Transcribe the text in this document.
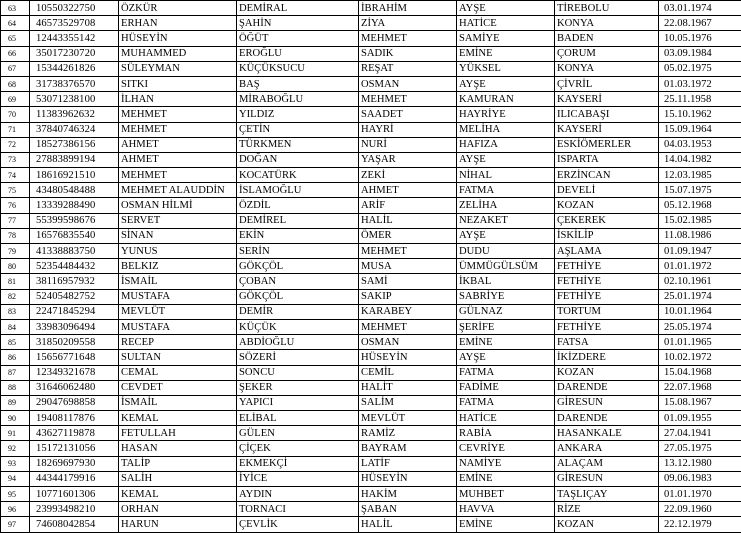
63	10550322750	ÖZKÜR	DEMİRAL	İBRAHİM	AYŞE	TİREBOLU	03.01.1974
64	46573529708	ERHAN	ŞAHİN	ZİYA	HATİCE	KONYA	22.08.1967
65	12443355142	HÜSEYİN	ÖĞÜT	MEHMET	SAMİYE	BADEN	10.05.1976
66	35017230720	MUHAMMED	EROĞLU	SADIK	EMİNE	ÇORUM	03.09.1984
67	15344261826	SÜLEYMAN	KÜÇÜKSUCU	REŞAT	YÜKSEL	KONYA	05.02.1975
68	31738376570	SITKI	BAŞ	OSMAN	AYŞE	ÇİVRİL	01.03.1972
69	53071238100	İLHAN	MİRABOĞLU	MEHMET	KAMURAN	KAYSERİ	25.11.1958
70	11383962632	MEHMET	YILDIZ	SAADET	HAYRİYE	ILICABAŞI	15.10.1962
71	37840746324	MEHMET	ÇETİN	HAYRİ	MELİHA	KAYSERİ	15.09.1964
72	18527386156	AHMET	TÜRKMEN	NURİ	HAFIZA	ESKİÖMERLER	04.03.1953
73	27883899194	AHMET	DOĞAN	YAŞAR	AYŞE	ISPARTA	14.04.1982
74	18616921510	MEHMET	KOCATÜRK	ZEKİ	NİHAL	ERZİNCAN	12.03.1985
75	43480548488	MEHMET ALAUDDİN	İSLAMOĞLU	AHMET	FATMA	DEVELİ	15.07.1975
76	13339288490	OSMAN HİLMİ	ÖZDİL	ARİF	ZELİHA	KOZAN	05.12.1968
77	55399598676	SERVET	DEMİREL	HALİL	NEZAKET	ÇEKEREK	15.02.1985
78	16576835540	SİNAN	EKİN	ÖMER	AYŞE	İSKİLİP	11.08.1986
79	41338883750	YUNUS	SERİN	MEHMET	DUDU	AŞLAMA	01.09.1947
80	52354484432	BELKIZ	GÖKÇÖL	MUSA	ÜMMÜGÜLSÜM	FETHİYE	01.01.1972
81	38116957932	İSMAİL	ÇOBAN	SAMİ	İKBAL	FETHİYE	02.10.1961
82	52405482752	MUSTAFA	GÖKÇÖL	SAKIP	SABRİYE	FETHİYE	25.01.1974
83	22471845294	MEVLÜT	DEMİR	KARABEY	GÜLNAZ	TORTUM	10.01.1964
84	33983096494	MUSTAFA	KÜÇÜK	MEHMET	ŞERİFE	FETHİYE	25.05.1974
85	31850209558	RECEP	ABDİOĞLU	OSMAN	EMİNE	FATSA	01.01.1965
86	15656771648	SULTAN	SÖZERİ	HÜSEYİN	AYŞE	İKİZDERE	10.02.1972
87	12349321678	CEMAL	SONCU	CEMİL	FATMA	KOZAN	15.04.1968
88	31646062480	CEVDET	ŞEKER	HALİT	FADİME	DARENDE	22.07.1968
89	29047698858	İSMAİL	YAPICI	SALİM	FATMA	GİRESUN	15.08.1967
90	19408117876	KEMAL	ELİBAL	MEVLÜT	HATİCE	DARENDE	01.09.1955
91	43627119878	FETULLAH	GÜLEN	RAMİZ	RABİA	HASANKALE	27.04.1941
92	15172131056	HASAN	ÇİÇEK	BAYRAM	CEVRİYE	ANKARA	27.05.1975
93	18269697930	TALİP	EKMEKÇİ	LATİF	NAMİYE	ALAÇAM	13.12.1980
94	44344179916	SALİH	İYİCE	HÜSEYİN	EMİNE	GİRESUN	09.06.1983
95	10771601306	KEMAL	AYDIN	HAKİM	MUHBET	TAŞLIÇAY	01.01.1970
96	23993498210	ORHAN	TORNACI	ŞABAN	HAVVA	RİZE	22.09.1960
97	74608042854	HARUN	ÇEVLİK	HALİL	EMİNE	KOZAN	22.12.1979
